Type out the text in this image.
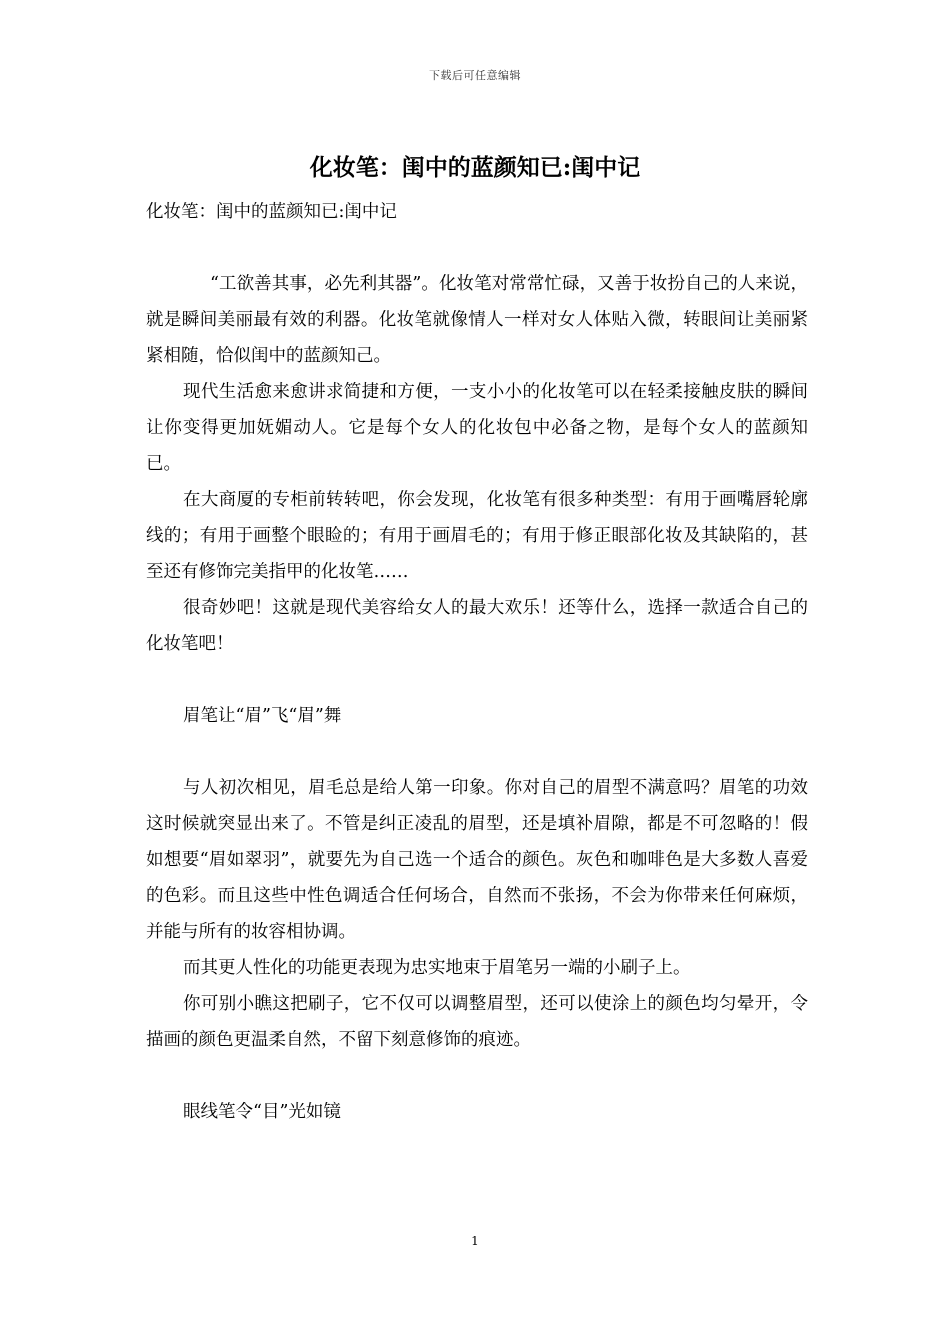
下载后可任意编辑
化妆笔：闺中的蓝颜知已:闺中记

化妆笔：闺中的蓝颜知已:闺中记

“工欲善其事，必先利其器”。化妆笔对常常忙碌，又善于妆扮自己的人来说，就是瞬间美丽最有效的利器。化妆笔就像情人一样对女人体贴入微，转眼间让美丽紧紧相随，恰似闺中的蓝颜知己。

现代生活愈来愈讲求简捷和方便，一支小小的化妆笔可以在轻柔接触皮肤的瞬间让你变得更加妩媚动人。它是每个女人的化妆包中必备之物，是每个女人的蓝颜知已。

在大商厦的专柜前转转吧，你会发现，化妆笔有很多种类型：有用于画嘴唇轮廓线的；有用于画整个眼睑的；有用于画眉毛的；有用于修正眼部化妆及其缺陷的，甚至还有修饰完美指甲的化妆笔……

很奇妙吧！这就是现代美容给女人的最大欢乐！还等什么，选择一款适合自己的化妆笔吧！

眉笔让“眉”飞“眉”舞

与人初次相见，眉毛总是给人第一印象。你对自己的眉型不满意吗？眉笔的功效这时候就突显出来了。不管是纠正凌乱的眉型，还是填补眉隙，都是不可忽略的！假如想要“眉如翠羽”，就要先为自己选一个适合的颜色。灰色和咖啡色是大多数人喜爱的色彩。而且这些中性色调适合任何场合，自然而不张扬，不会为你带来任何麻烦，并能与所有的妆容相协调。

而其更人性化的功能更表现为忠实地束于眉笔另一端的小刷子上。

你可别小瞧这把刷子，它不仅可以调整眉型，还可以使涂上的颜色均匀晕开，令描画的颜色更温柔自然，不留下刻意修饰的痕迹。

眼线笔令“目”光如镜

1
